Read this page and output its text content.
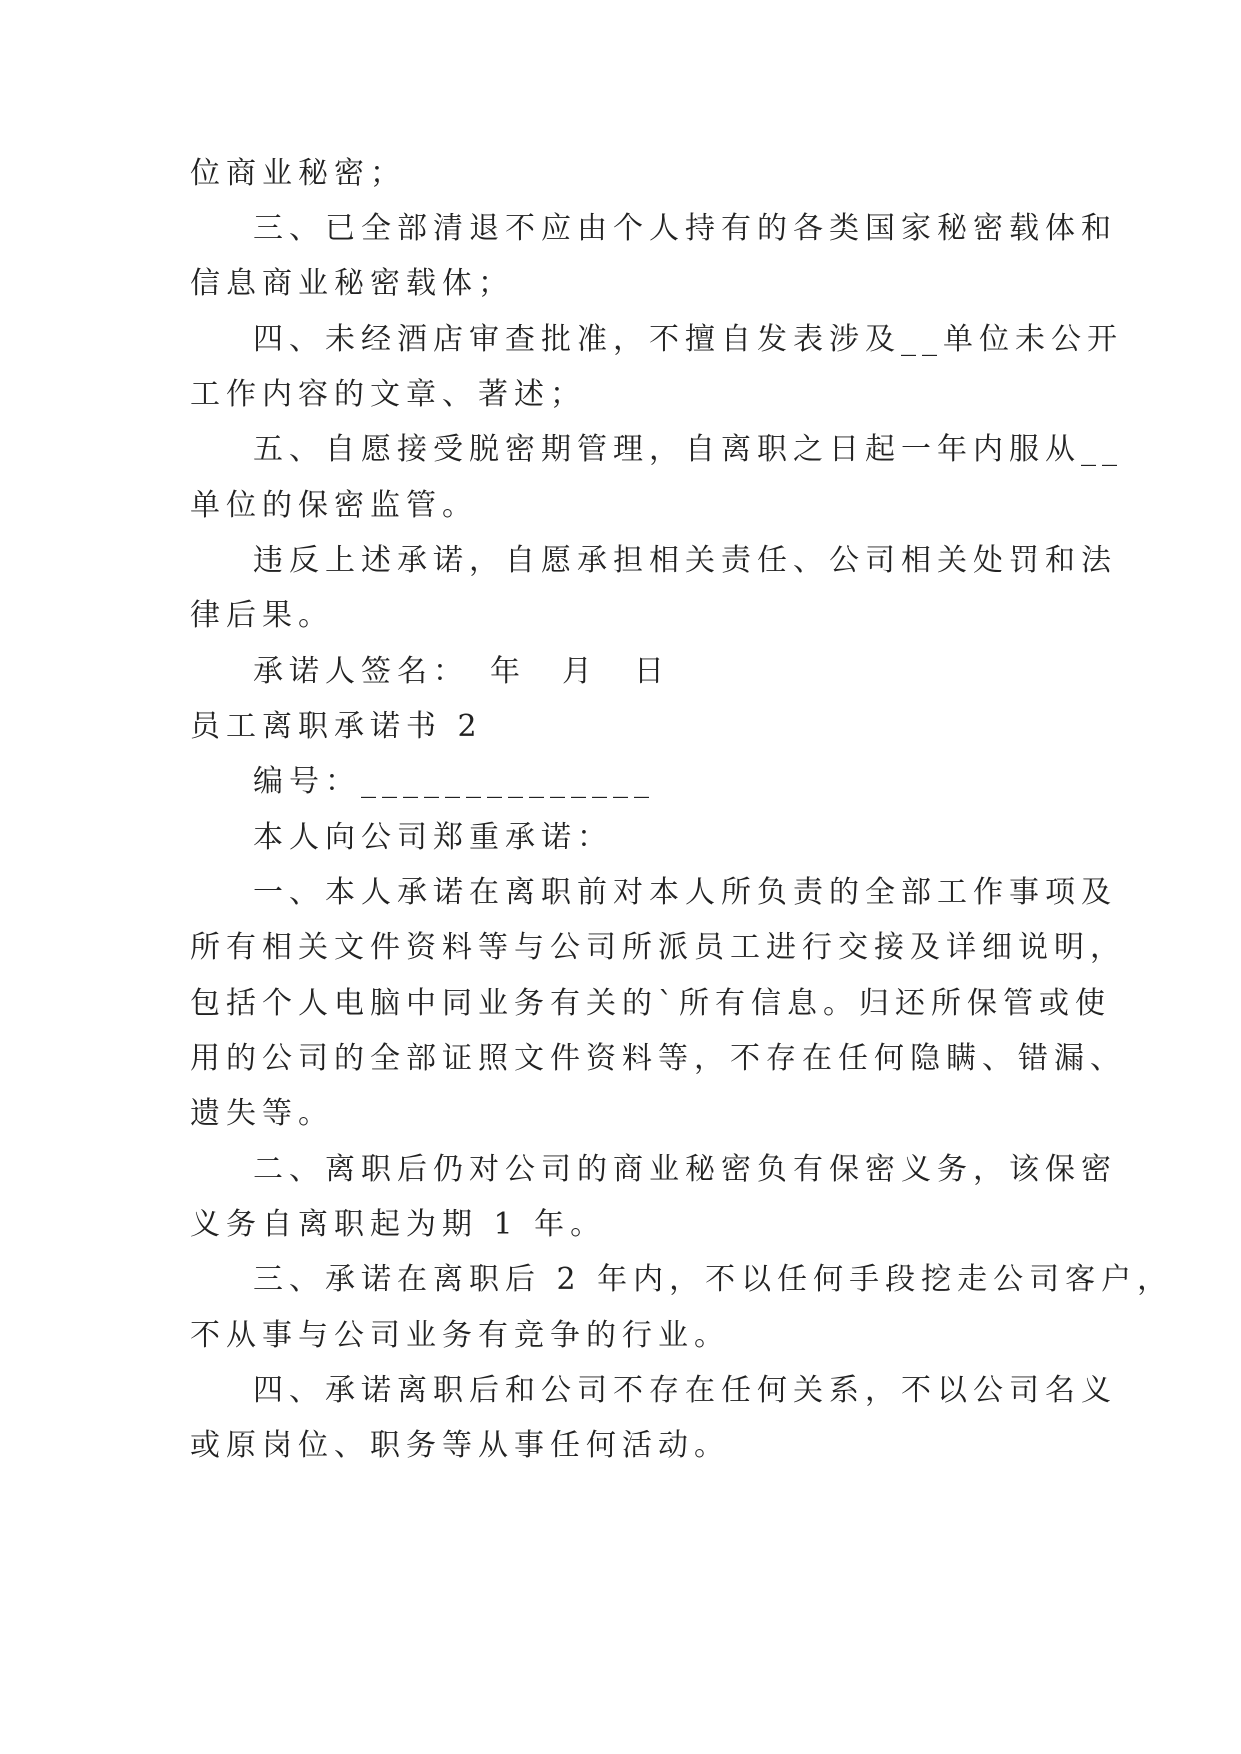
位商业秘密；

三、已全部清退不应由个人持有的各类国家秘密载体和

信息商业秘密载体；

四、未经酒店审查批准，不擅自发表涉及__单位未公开

工作内容的文章、著述；

五、自愿接受脱密期管理，自离职之日起一年内服从__

单位的保密监管。

违反上述承诺，自愿承担相关责任、公司相关处罚和法

律后果。

承诺人签名：　年　月　日

员工离职承诺书 2

编号：______________

本人向公司郑重承诺：

一、本人承诺在离职前对本人所负责的全部工作事项及

所有相关文件资料等与公司所派员工进行交接及详细说明，

包括个人电脑中同业务有关的`所有信息。归还所保管或使

用的公司的全部证照文件资料等，不存在任何隐瞒、错漏、

遗失等。

二、离职后仍对公司的商业秘密负有保密义务，该保密

义务自离职起为期 1 年。

三、承诺在离职后 2 年内，不以任何手段挖走公司客户，

不从事与公司业务有竞争的行业。

四、承诺离职后和公司不存在任何关系，不以公司名义

或原岗位、职务等从事任何活动。
